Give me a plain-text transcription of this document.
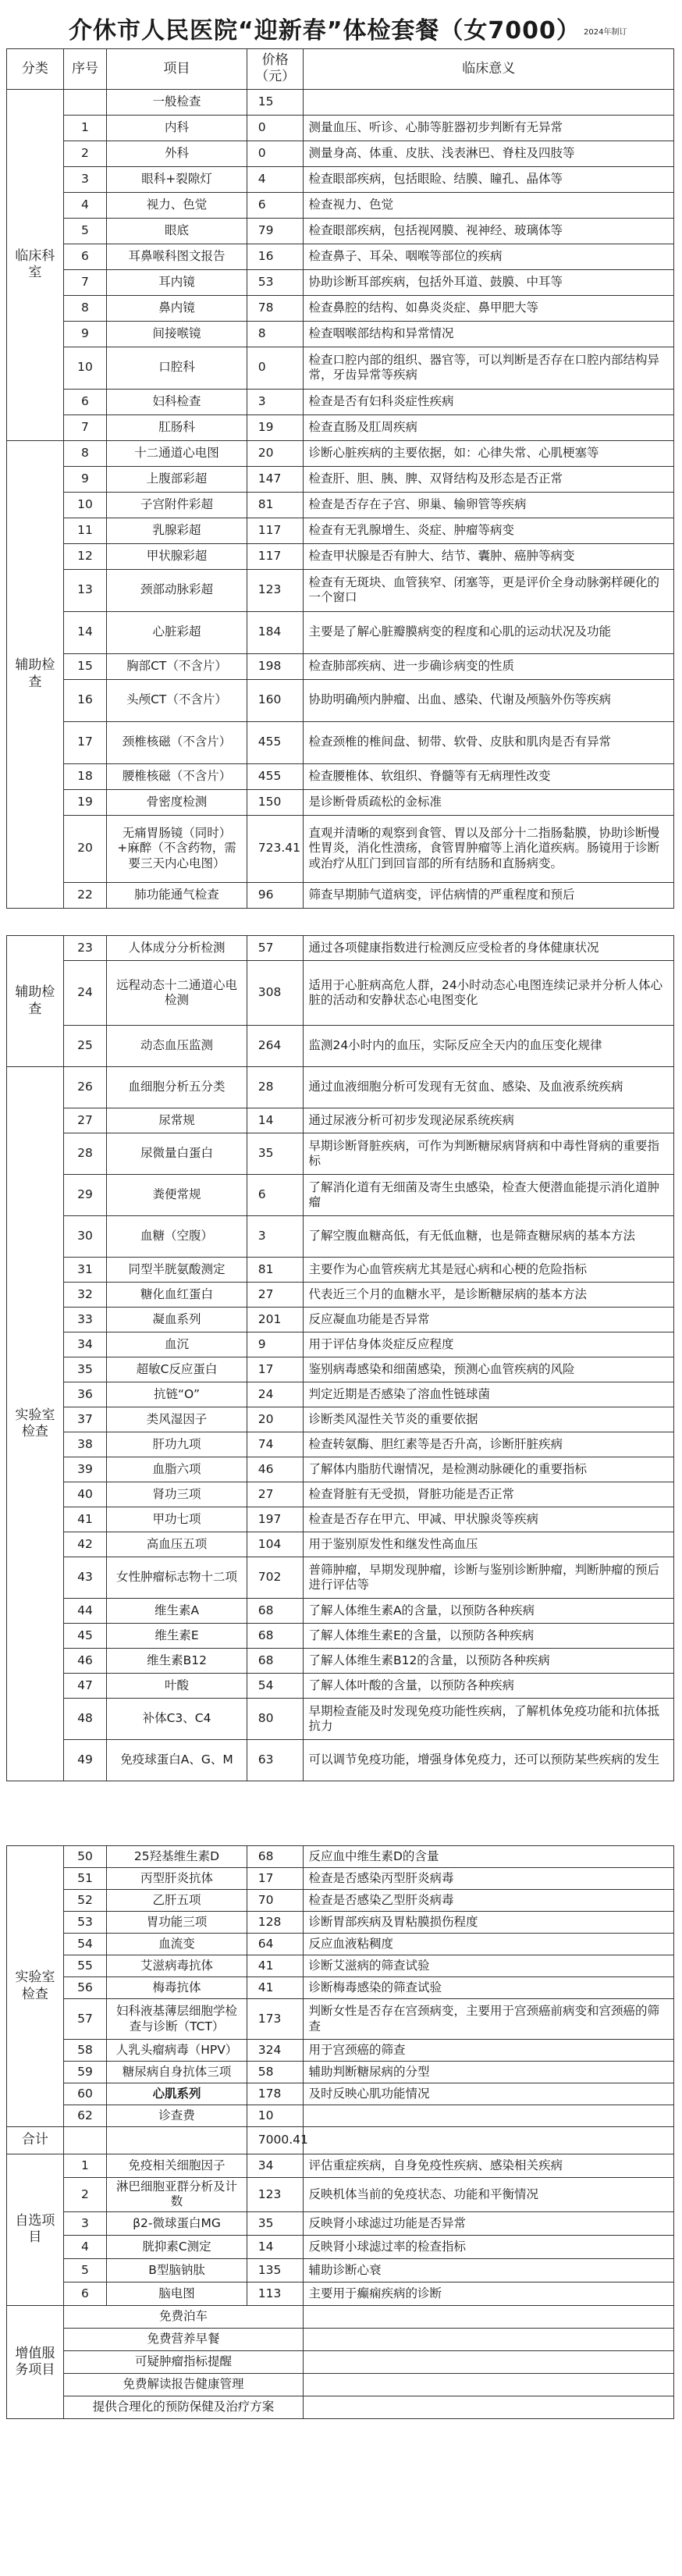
介休市人民医院“迎新春”体检套餐（女7000） 2024年制订
分类	序号	项目	价格（元）	临床意义
临床科室		一般检查	15	
	1	内科	0	测量血压、听诊、心肺等脏器初步判断有无异常
	2	外科	0	测量身高、体重、皮肤、浅表淋巴、脊柱及四肢等
	3	眼科+裂隙灯	4	检查眼部疾病，包括眼睑、结膜、瞳孔、晶体等
	4	视力、色觉	6	检查视力、色觉
	5	眼底	79	检查眼部疾病，包括视网膜、视神经、玻璃体等
	6	耳鼻喉科图文报告	16	检查鼻子、耳朵、咽喉等部位的疾病
	7	耳内镜	53	协助诊断耳部疾病，包括外耳道、鼓膜、中耳等
	8	鼻内镜	78	检查鼻腔的结构、如鼻炎炎症、鼻甲肥大等
	9	间接喉镜	8	检查咽喉部结构和异常情况
	10	口腔科	0	检查口腔内部的组织、器官等，可以判断是否存在口腔内部结构异常，牙齿异常等疾病
	6	妇科检查	3	检查是否有妇科炎症性疾病
	7	肛肠科	19	检查直肠及肛周疾病
辅助检查	8	十二通道心电图	20	诊断心脏疾病的主要依据，如：心律失常、心肌梗塞等
	9	上腹部彩超	147	检查肝、胆、胰、脾、双肾结构及形态是否正常
	10	子宫附件彩超	81	检查是否存在子宫、卵巢、输卵管等疾病
	11	乳腺彩超	117	检查有无乳腺增生、炎症、肿瘤等病变
	12	甲状腺彩超	117	检查甲状腺是否有肿大、结节、囊肿、癌肿等病变
	13	颈部动脉彩超	123	检查有无斑块、血管狭窄、闭塞等，更是评价全身动脉粥样硬化的一个窗口
	14	心脏彩超	184	主要是了解心脏瓣膜病变的程度和心肌的运动状况及功能
	15	胸部CT（不含片）	198	检查肺部疾病、进一步确诊病变的性质
	16	头颅CT（不含片）	160	协助明确颅内肿瘤、出血、感染、代谢及颅脑外伤等疾病
	17	颈椎核磁（不含片）	455	检查颈椎的椎间盘、韧带、软骨、皮肤和肌肉是否有异常
	18	腰椎核磁（不含片）	455	检查腰椎体、软组织、脊髓等有无病理性改变
	19	骨密度检测	150	是诊断骨质疏松的金标准
	20	无痛胃肠镜（同时）+麻醉（不含药物，需要三天内心电图）	723.41	直观并清晰的观察到食管、胃以及部分十二指肠黏膜，协助诊断慢性胃炎，消化性溃疡，食管胃肿瘤等上消化道疾病。肠镜用于诊断或治疗从肛门到回盲部的所有结肠和直肠病变。
	22	肺功能通气检查	96	筛查早期肺气道病变，评估病情的严重程度和预后
辅助检查	23	人体成分分析检测	57	通过各项健康指数进行检测反应受检者的身体健康状况
	24	远程动态十二通道心电检测	308	适用于心脏病高危人群，24小时动态心电图连续记录并分析人体心脏的活动和安静状态心电图变化
	25	动态血压监测	264	监测24小时内的血压，实际反应全天内的血压变化规律
实验室检查	26	血细胞分析五分类	28	通过血液细胞分析可发现有无贫血、感染、及血液系统疾病
	27	尿常规	14	通过尿液分析可初步发现泌尿系统疾病
	28	尿微量白蛋白	35	早期诊断肾脏疾病，可作为判断糖尿病肾病和中毒性肾病的重要指标
	29	粪便常规	6	了解消化道有无细菌及寄生虫感染，检查大便潜血能提示消化道肿瘤
	30	血糖（空腹）	3	了解空腹血糖高低，有无低血糖，也是筛查糖尿病的基本方法
	31	同型半胱氨酸测定	81	主要作为心血管疾病尤其是冠心病和心梗的危险指标
	32	糖化血红蛋白	27	代表近三个月的血糖水平，是诊断糖尿病的基本方法
	33	凝血系列	201	反应凝血功能是否异常
	34	血沉	9	用于评估身体炎症反应程度
	35	超敏C反应蛋白	17	鉴别病毒感染和细菌感染，预测心血管疾病的风险
	36	抗链“O”	24	判定近期是否感染了溶血性链球菌
	37	类风湿因子	20	诊断类风湿性关节炎的重要依据
	38	肝功九项	74	检查转氨酶、胆红素等是否升高，诊断肝脏疾病
	39	血脂六项	46	了解体内脂肪代谢情况，是检测动脉硬化的重要指标
	40	肾功三项	27	检查肾脏有无受损，肾脏功能是否正常
	41	甲功七项	197	检查是否存在甲亢、甲减、甲状腺炎等疾病
	42	高血压五项	104	用于鉴别原发性和继发性高血压
	43	女性肿瘤标志物十二项	702	普筛肿瘤，早期发现肿瘤，诊断与鉴别诊断肿瘤，判断肿瘤的预后进行评估等
	44	维生素A	68	了解人体维生素A的含量，以预防各种疾病
	45	维生素E	68	了解人体维生素E的含量，以预防各种疾病
	46	维生素B12	68	了解人体维生素B12的含量，以预防各种疾病
	47	叶酸	54	了解人体叶酸的含量，以预防各种疾病
	48	补体C3、C4	80	早期检查能及时发现免疫功能性疾病，了解机体免疫功能和抗体抵抗力
	49	免疫球蛋白A、G、M	63	可以调节免疫功能，增强身体免疫力，还可以预防某些疾病的发生
实验室检查	50	25羟基维生素D	68	反应血中维生素D的含量
	51	丙型肝炎抗体	17	检查是否感染丙型肝炎病毒
	52	乙肝五项	70	检查是否感染乙型肝炎病毒
	53	胃功能三项	128	诊断胃部疾病及胃粘膜损伤程度
	54	血流变	64	反应血液粘稠度
	55	艾滋病毒抗体	41	诊断艾滋病的筛查试验
	56	梅毒抗体	41	诊断梅毒感染的筛查试验
	57	妇科液基薄层细胞学检查与诊断（TCT）	173	判断女性是否存在宫颈病变，主要用于宫颈癌前病变和宫颈癌的筛查
	58	人乳头瘤病毒（HPV）	324	用于宫颈癌的筛查
	59	糖尿病自身抗体三项	58	辅助判断糖尿病的分型
	60	心肌系列	178	及时反映心肌功能情况
	62	诊查费	10	
合计			7000.41	
自选项目	1	免疫相关细胞因子	34	评估重症疾病，自身免疫性疾病、感染相关疾病
	2	淋巴细胞亚群分析及计数	123	反映机体当前的免疫状态、功能和平衡情况
	3	β2-微球蛋白MG	35	反映肾小球滤过功能是否异常
	4	胱抑素C测定	14	反映肾小球滤过率的检查指标
	5	B型脑钠肽	135	辅助诊断心衰
	6	脑电图	113	主要用于癫痫疾病的诊断
增值服务项目	免费泊车			
	免费营养早餐			
	可疑肿瘤指标提醒			
	免费解读报告健康管理			
	提供合理化的预防保健及治疗方案			
